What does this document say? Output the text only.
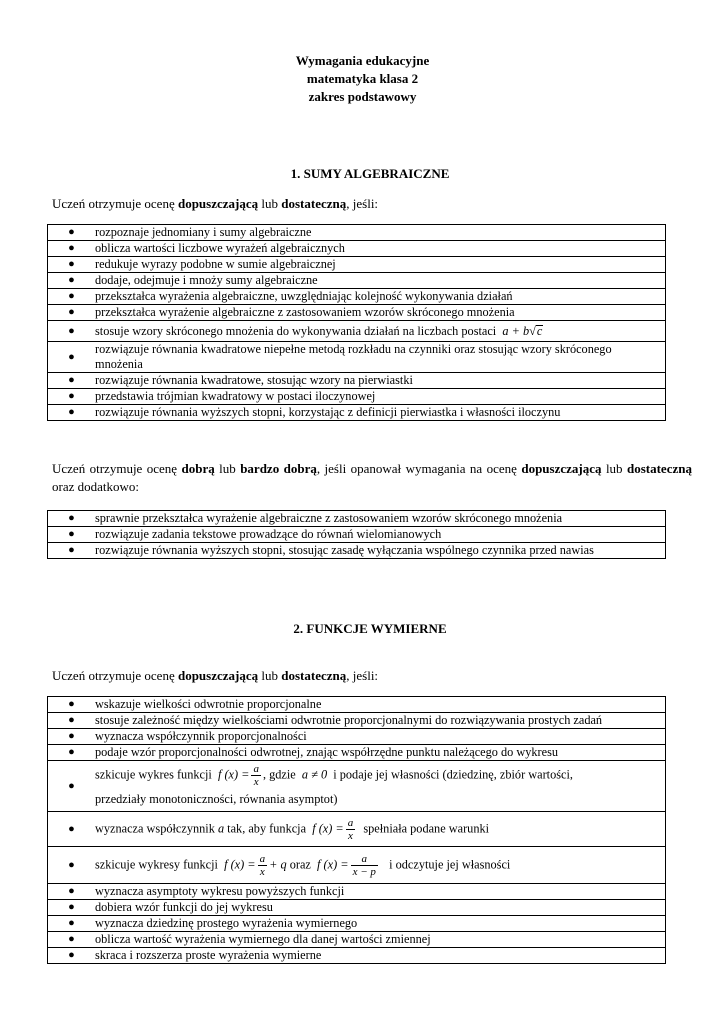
Wymagania edukacyjne
matematyka klasa 2
zakres podstawowy
1. SUMY ALGEBRAICZNE
Uczeń otrzymuje ocenę dopuszczającą lub dostateczną, jeśli:
●	rozpoznaje jednomiany i sumy algebraiczne

●	oblicza wartości liczbowe wyrażeń algebraicznych

●	redukuje wyrazy podobne w sumie algebraicznej

●	dodaje, odejmuje i mnoży sumy algebraiczne

●	przekształca wyrażenia algebraiczne, uwzględniając kolejność wykonywania działań

●	przekształca wyrażenie algebraiczne z zastosowaniem wzorów skróconego mnożenia

●	stosuje wzory skróconego mnożenia do wykonywania działań na liczbach postaci a + b√c

●
rozwiązuje równania kwadratowe niepełne metodą rozkładu na czynniki oraz stosując wzory skróconego mnożenia

●	rozwiązuje równania kwadratowe, stosując wzory na pierwiastki

●	przedstawia trójmian kwadratowy w postaci iloczynowej

●	rozwiązuje równania wyższych stopni, korzystając z definicji pierwiastka i własności iloczynu
Uczeń otrzymuje ocenę dobrą lub bardzo dobrą, jeśli opanował wymagania na ocenę dopuszczającą lub dostateczną oraz dodatkowo:
●	sprawnie przekształca wyrażenie algebraiczne z zastosowaniem wzorów skróconego mnożenia

●	rozwiązuje zadania tekstowe prowadzące do równań wielomianowych

●	rozwiązuje równania wyższych stopni, stosując zasadę wyłączania wspólnego czynnika przed nawias
2. FUNKCJE WYMIERNE
Uczeń otrzymuje ocenę dopuszczającą lub dostateczną, jeśli:
●	wskazuje wielkości odwrotnie proporcjonalne

●	stosuje zależność między wielkościami odwrotnie proporcjonalnymi do rozwiązywania prostych zadań

●	wyznacza współczynnik proporcjonalności

●	podaje wzór proporcjonalności odwrotnej, znając współrzędne punktu należącego do wykresu

●
szkicuje wykres funkcji f $(x) = \frac{a}{x}$ , gdzie a ≠ 0 i podaje jej własności (dziedzinę, zbiór wartości,
przedziały monotoniczności, równania asymptot)

●	wyznacza współczynnik a tak, aby funkcja f $(x) = \frac{a}{x}$ spełniała podane warunki

●	szkicuje wykresy funkcji f $(x) = \frac{a}{x} + q$ oraz f $(x) = \frac{a}{x - p}$ i odczytuje jej własności

●	wyznacza asymptoty wykresu powyższych funkcji

●	dobiera wzór funkcji do jej wykresu

●	wyznacza dziedzinę prostego wyrażenia wymiernego

●	oblicza wartość wyrażenia wymiernego dla danej wartości zmiennej

●	skraca i rozszerza proste wyrażenia wymierne
